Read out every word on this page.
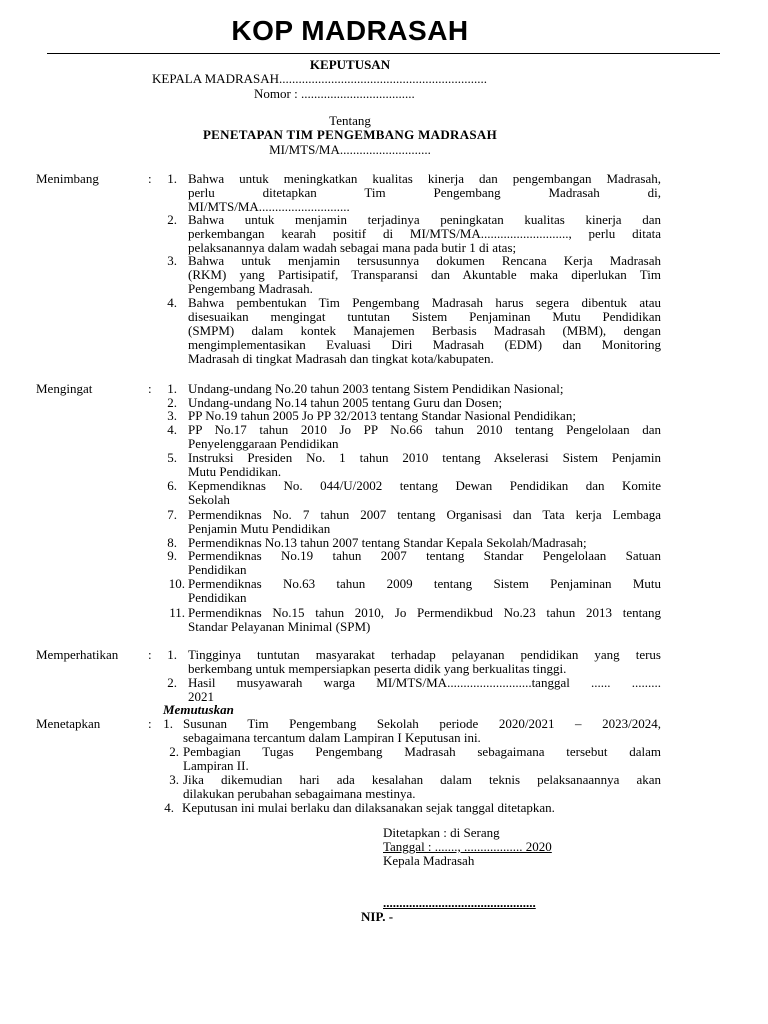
KOP MADRASAH
KEPUTUSAN
KEPALA MADRASAH................................................................
Nomor : ...................................
Tentang
PENETAPAN TIM PENGEMBANG MADRASAH
MI/MTS/MA............................
Menimbang	:	1. Bahwa untuk meningkatkan kualitas kinerja dan pengembangan Madrasah,
perlu ditetapkan Tim Pengembang Madrasah di,
MI/MTS/MA............................
2. Bahwa untuk menjamin terjadinya peningkatan kualitas kinerja dan
perkembangan kearah positif di MI/MTS/MA..........................., perlu ditata
pelaksanannya dalam wadah sebagai mana pada butir 1 di atas;
3. Bahwa untuk menjamin tersusunnya dokumen Rencana Kerja Madrasah
(RKM) yang Partisipatif, Transparansi dan Akuntable maka diperlukan Tim
Pengembang Madrasah.
4. Bahwa pembentukan Tim Pengembang Madrasah harus segera dibentuk atau
disesuaikan mengingat tuntutan Sistem Penjaminan Mutu Pendidikan
(SMPM) dalam kontek Manajemen Berbasis Madrasah (MBM), dengan
mengimplementasikan Evaluasi Diri Madrasah (EDM) dan Monitoring
Madrasah di tingkat Madrasah dan tingkat kota/kabupaten.
Mengingat	:	1. Undang-undang No.20 tahun 2003 tentang Sistem Pendidikan Nasional;
2. Undang-undang No.14 tahun 2005 tentang Guru dan Dosen;
3. PP No.19 tahun 2005 Jo PP 32/2013 tentang Standar Nasional Pendidikan;
4. PP No.17 tahun 2010 Jo PP No.66 tahun 2010 tentang Pengelolaan dan
Penyelenggaraan Pendidikan
5. Instruksi Presiden No. 1 tahun 2010 tentang Akselerasi Sistem Penjamin
Mutu Pendidikan.
6. Kepmendiknas No. 044/U/2002 tentang Dewan Pendidikan dan Komite
Sekolah
7. Permendiknas No. 7 tahun 2007 tentang Organisasi dan Tata kerja Lembaga
Penjamin Mutu Pendidikan
8. Permendiknas No.13 tahun 2007 tentang Standar Kepala Sekolah/Madrasah;
9. Permendiknas No.19 tahun 2007 tentang Standar Pengelolaan Satuan
Pendidikan
10. Permendiknas No.63 tahun 2009 tentang Sistem Penjaminan Mutu
Pendidikan
11. Permendiknas No.15 tahun 2010, Jo Permendikbud No.23 tahun 2013 tentang
Standar Pelayanan Minimal (SPM)
Memperhatikan :	1. Tingginya tuntutan masyarakat terhadap pelayanan pendidikan yang terus
berkembang untuk mempersiapkan peserta didik yang berkualitas tinggi.
2. Hasil musyawarah warga MI/MTS/MA..........................tanggal ...... .........
2021
Memutuskan
Menetapkan	: 1. Susunan Tim Pengembang Sekolah periode 2020/2021 – 2023/2024,
sebagaimana tercantum dalam Lampiran I Keputusan ini.
2. Pembagian Tugas Pengembang Madrasah sebagaimana tersebut dalam
Lampiran II.
3. Jika dikemudian hari ada kesalahan dalam teknis pelaksanaannya akan
dilakukan perubahan sebagaimana mestinya.
4. Keputusan ini mulai berlaku dan dilaksanakan sejak tanggal ditetapkan.
Ditetapkan : di Serang
Tanggal : ......., .................. 2020
Kepala Madrasah
...............................................
NIP. -
